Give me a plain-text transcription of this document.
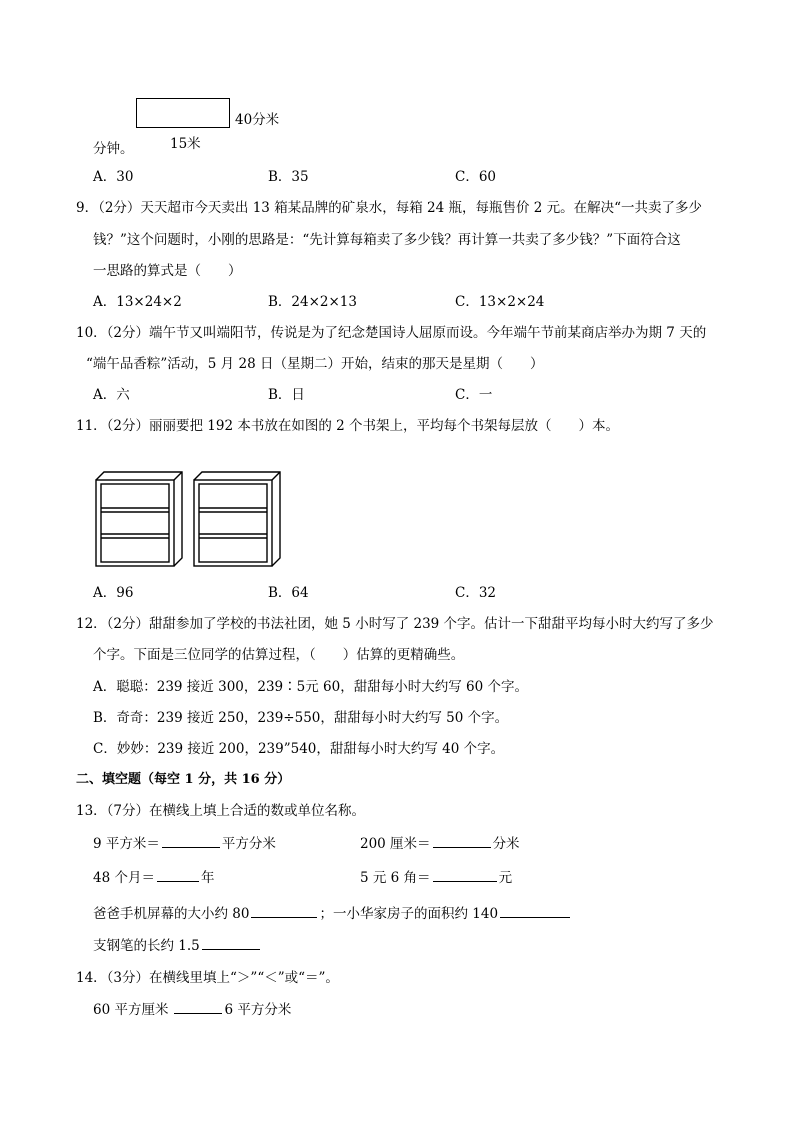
40分米
15米
分钟。
A．30	B．35	C．60
9．（2分）天天超市今天卖出 13 箱某品牌的矿泉水，每箱 24 瓶，每瓶售价 2 元。在解决“一共卖了多少
钱？”这个问题时，小刚的思路是：“先计算每箱卖了多少钱？再计算一共卖了多少钱？”下面符合这
一思路的算式是（　　）
A．13×24×2	B．24×2×13	C．13×2×24
10．（2分）端午节又叫端阳节，传说是为了纪念楚国诗人屈原而设。今年端午节前某商店举办为期 7 天的
“端午品香粽”活动，5 月 28 日（星期二）开始，结束的那天是星期（　　）
A．六	B．日	C．一
11．（2分）丽丽要把 192 本书放在如图的 2 个书架上，平均每个书架每层放（　　）本。
A．96	B．64	C．32
12．（2分）甜甜参加了学校的书法社团，她 5 小时写了 239 个字。估计一下甜甜平均每小时大约写了多少
个字。下面是三位同学的估算过程，（　　）估算的更精确些。
A．聪聪：239 接近 300，239∶5元 60，甜甜每小时大约写 60 个字。
B．奇奇：239 接近 250，239÷550，甜甜每小时大约写 50 个字。
C．妙妙：239 接近 200，239”540，甜甜每小时大约写 40 个字。
二、填空题（每空 1 分，共 16 分）
13．（7分）在横线上填上合适的数或单位名称。
9 平方米＝	平方分米	200 厘米＝	分米
48 个月＝	年	5 元 6 角＝	元
爸爸手机屏幕的大小约 80	；一小华家房子的面积约 140
支钢笔的长约 1.5
14．（3分）在横线里填上“＞”“＜”或“＝”。
60 平方厘米	6 平方分米
